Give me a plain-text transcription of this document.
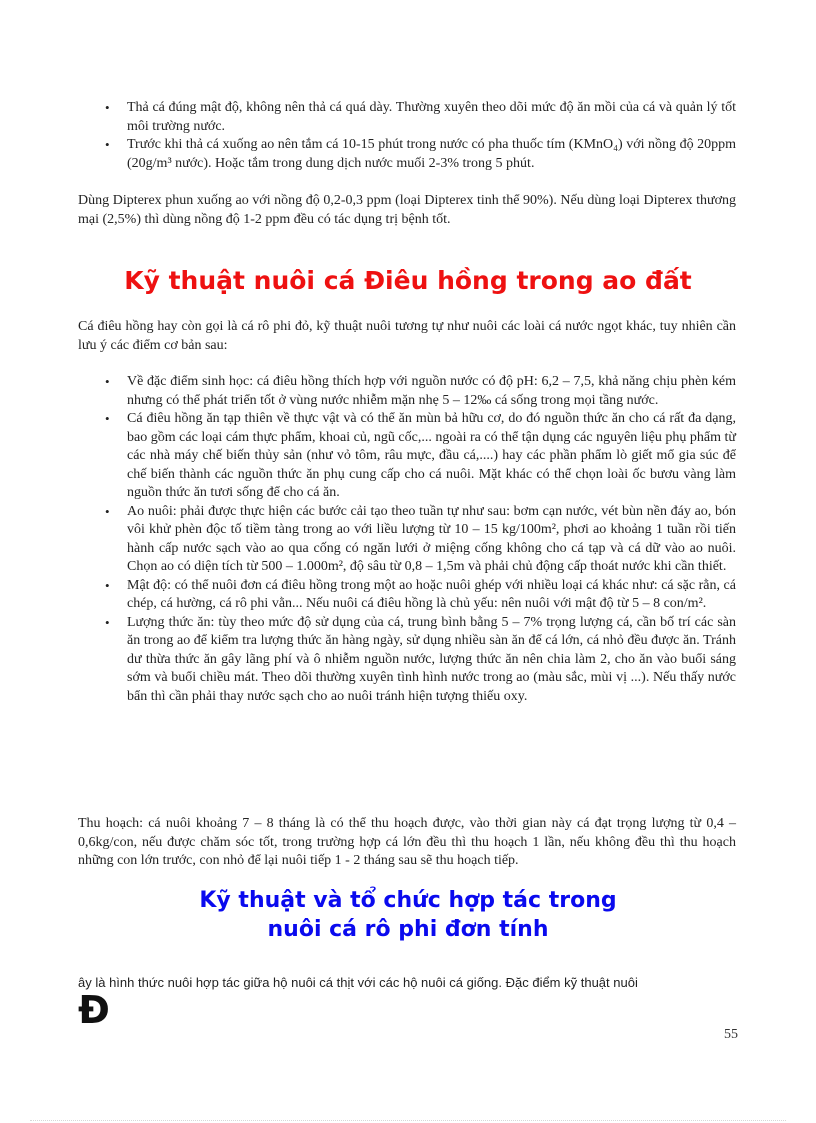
• Thả cá đúng mật độ, không nên thả cá quá dày. Thường xuyên theo dõi mức độ ăn mồi của cá và quản lý tốt môi trường nước.
• Trước khi thả cá xuống ao nên tắm cá 10-15 phút trong nước có pha thuốc tím (KMnO₄) với nồng độ 20ppm (20g/m³ nước). Hoặc tắm trong dung dịch nước muối 2-3% trong 5 phút.

Dùng Dipterex phun xuống ao với nồng độ 0,2-0,3 ppm (loại Dipterex tinh thể 90%). Nếu dùng loại Dipterex thương mại (2,5%) thì dùng nồng độ 1-2 ppm đều có tác dụng trị bệnh tốt.

Kỹ thuật nuôi cá Điêu hồng trong ao đất

Cá điêu hồng hay còn gọi là cá rô phi đỏ, kỹ thuật nuôi tương tự như nuôi các loài cá nước ngọt khác, tuy nhiên cần lưu ý các điểm cơ bản sau:

• Về đặc điểm sinh học: cá điêu hồng thích hợp với nguồn nước có độ pH: 6,2 – 7,5, khả năng chịu phèn kém nhưng có thể phát triển tốt ở vùng nước nhiễm mặn nhẹ 5 – 12‰ cá sống trong mọi tầng nước.
• Cá điêu hồng ăn tạp thiên về thực vật và có thể ăn mùn bả hữu cơ, do đó nguồn thức ăn cho cá rất đa dạng, bao gồm các loại cám thực phẩm, khoai củ, ngũ cốc,... ngoài ra có thể tận dụng các nguyên liệu phụ phẩm từ các nhà máy chế biến thủy sản (như vỏ tôm, râu mực, đầu cá,....) hay các phần phẩm lò giết mổ gia súc để chế biến thành các nguồn thức ăn phụ cung cấp cho cá nuôi. Mặt khác có thể chọn loài ốc bươu vàng làm nguồn thức ăn tươi sống để cho cá ăn.
• Ao nuôi: phải được thực hiện các bước cải tạo theo tuần tự như sau: bơm cạn nước, vét bùn nền đáy ao, bón vôi khử phèn độc tố tiềm tàng trong ao với liều lượng từ 10 – 15 kg/100m², phơi ao khoảng 1 tuần rồi tiến hành cấp nước sạch vào ao qua cống có ngăn lưới ở miệng cống không cho cá tạp và cá dữ vào ao nuôi. Chọn ao có diện tích từ 500 – 1.000m², độ sâu từ 0,8 – 1,5m và phải chủ động cấp thoát nước khi cần thiết.
• Mật độ: có thể nuôi đơn cá điêu hồng trong một ao hoặc nuôi ghép với nhiều loại cá khác như: cá sặc rằn, cá chép, cá hường, cá rô phi vằn... Nếu nuôi cá điêu hồng là chủ yếu: nên nuôi với mật độ từ 5 – 8 con/m².
• Lượng thức ăn: tùy theo mức độ sử dụng của cá, trung bình bằng 5 – 7% trọng lượng cá, cần bố trí các sàn ăn trong ao để kiểm tra lượng thức ăn hàng ngày, sử dụng nhiều sàn ăn để cá lớn, cá nhỏ đều được ăn. Tránh dư thừa thức ăn gây lãng phí và ô nhiễm nguồn nước, lượng thức ăn nên chia làm 2, cho ăn vào buổi sáng sớm và buổi chiều mát. Theo dõi thường xuyên tình hình nước trong ao (màu sắc, mùi vị ...). Nếu thấy nước bẩn thì cần phải thay nước sạch cho ao nuôi tránh hiện tượng thiếu oxy.

Thu hoạch: cá nuôi khoảng 7 – 8 tháng là có thể thu hoạch được, vào thời gian này cá đạt trọng lượng từ 0,4 – 0,6kg/con, nếu được chăm sóc tốt, trong trường hợp cá lớn đều thì thu hoạch 1 lần, nếu không đều thì thu hoạch những con lớn trước, con nhỏ để lại nuôi tiếp 1 - 2 tháng sau sẽ thu hoạch tiếp.

Kỹ thuật và tổ chức hợp tác trong
nuôi cá rô phi đơn tính

ây là hình thức nuôi hợp tác giữa hộ nuôi cá thịt với các hộ nuôi cá giống. Đặc điểm kỹ thuật nuôi

Đ

55
